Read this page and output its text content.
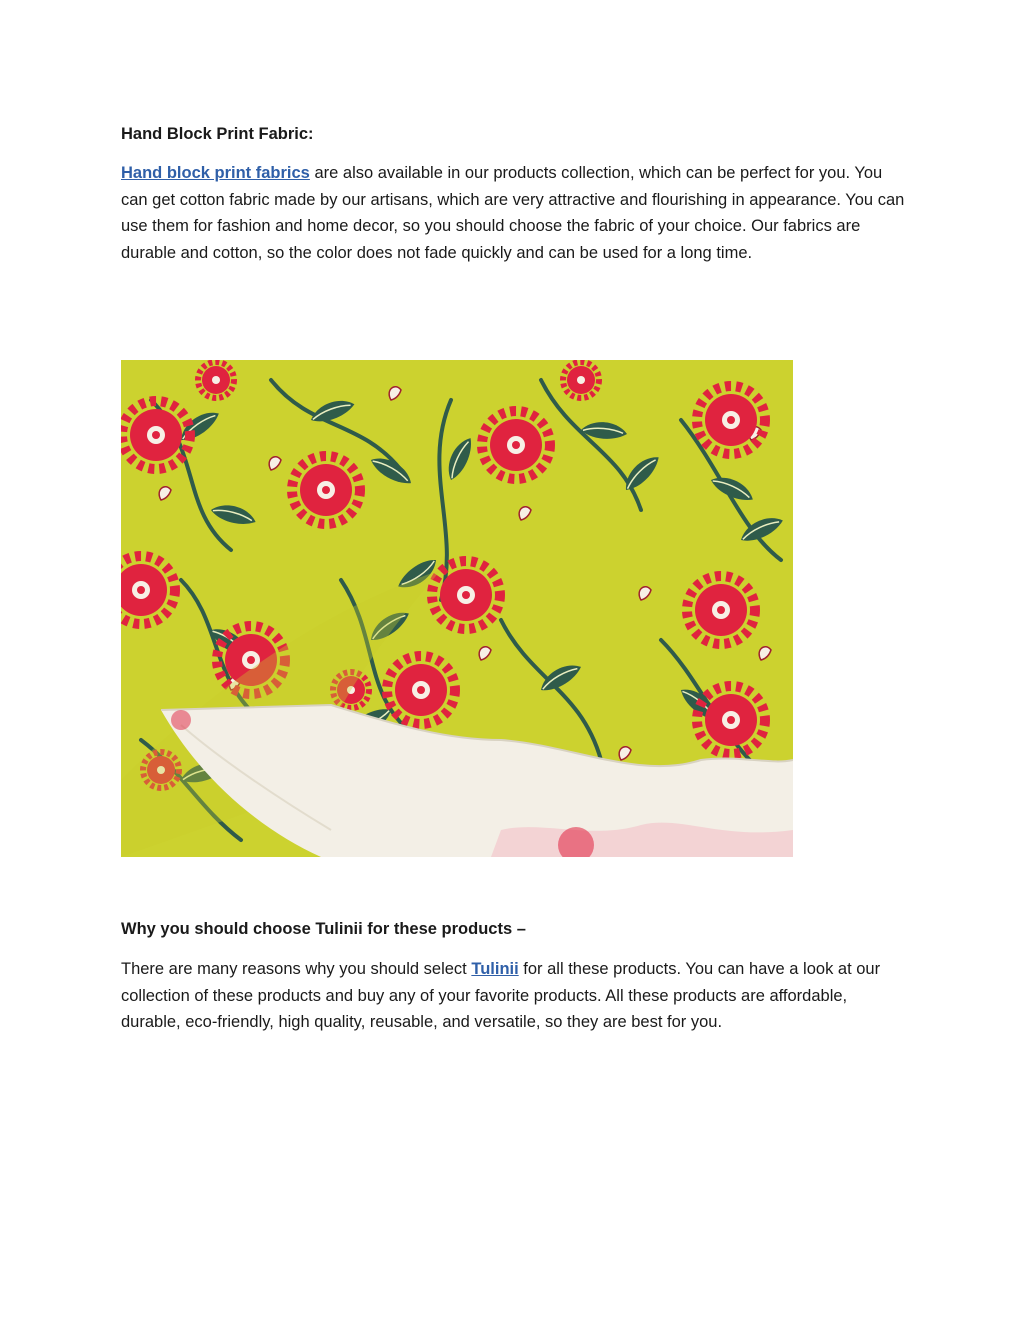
Hand Block Print Fabric:
Hand block print fabrics are also available in our products collection, which can be perfect for you. You can get cotton fabric made by our artisans, which are very attractive and flourishing in appearance. You can use them for fashion and home decor, so you should choose the fabric of your choice. Our fabrics are durable and cotton, so the color does not fade quickly and can be used for a long time.
Why you should choose Tulinii for these products –
There are many reasons why you should select Tulinii for all these products. You can have a look at our collection of these products and buy any of your favorite products. All these products are affordable, durable, eco-friendly, high quality, reusable, and versatile, so they are best for you.
